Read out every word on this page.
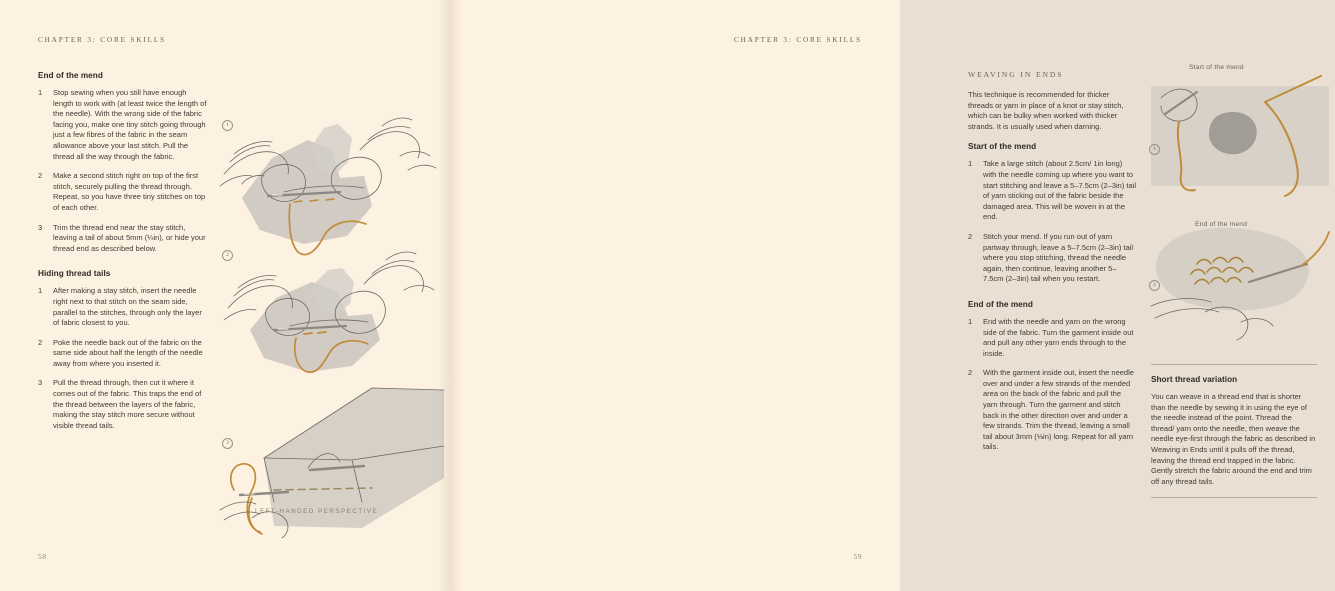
CHAPTER 3: CORE SKILLS
End of the mend
1 Stop sewing when you still have enough length to work with (at least twice the length of the needle). With the wrong side of the fabric facing you, make one tiny stitch going through just a few fibres of the fabric in the seam allowance above your last stitch. Pull the thread all the way through the fabric.
2 Make a second stitch right on top of the first stitch, securely pulling the thread through. Repeat, so you have three tiny stitches on top of each other.
3 Trim the thread end near the stay stitch, leaving a tail of about 5mm (¼in), or hide your thread end as described below.
Hiding thread tails
1 After making a stay stitch, insert the needle right next to that stitch on the seam side, parallel to the stitches, through only the layer of fabric closest to you.
2 Poke the needle back out of the fabric on the same side about half the length of the needle away from where you inserted it.
3 Pull the thread through, then cut it where it comes out of the fabric. This traps the end of the thread between the layers of the fabric, making the stay stitch more secure without visible thread tails.
1
2
3
LEFT-HANDED PERSPECTIVE
58
CHAPTER 3: CORE SKILLS
WEAVING IN ENDS

This technique is recommended for thicker threads or yarn in place of a knot or stay stitch, which can be bulky when worked with thicker strands. It is usually used when darning.

Start of the mend
1 Take a large stitch (about 2.5cm/ 1in long) with the needle coming up where you want to start stitching and leave a 5–7.5cm (2–3in) tail of yarn sticking out of the fabric beside the damaged area. This will be woven in at the end.
2 Stitch your mend. If you run out of yarn partway through, leave a 5–7.5cm (2–3in) tail where you stop stitching, thread the needle again, then continue, leaving another 5–7.5cm (2–3in) tail when you restart.
End of the mend
1 End with the needle and yarn on the wrong side of the fabric. Turn the garment inside out and pull any other yarn ends through to the inside.
2 With the garment inside out, insert the needle over and under a few strands of the mended area on the back of the fabric and pull the yarn through. Turn the garment and stitch back in the other direction over and under a few strands. Trim the thread, leaving a small tail about 3mm (⅛in) long. Repeat for all yarn tails.
Start of the mend
End of the mend
1
2
Short thread variation

You can weave in a thread end that is shorter than the needle by sewing it in using the eye of the needle instead of the point. Thread the thread/ yarn onto the needle, then weave the needle eye-first through the fabric as described in Weaving in Ends until it pulls off the thread, leaving the thread end trapped in the fabric. Gently stretch the fabric around the end and trim off any thread tails.

59
